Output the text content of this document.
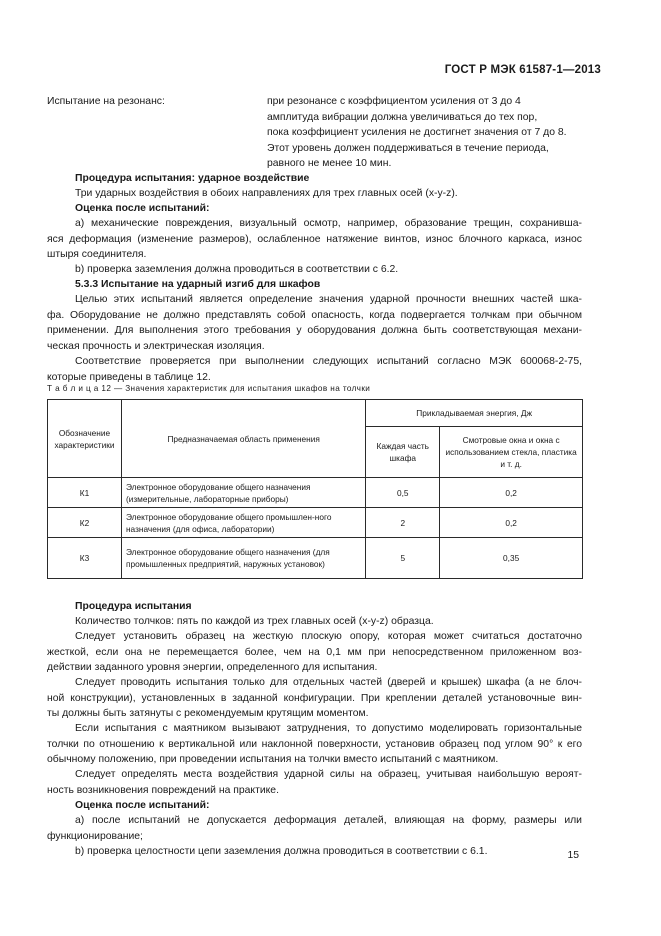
ГОСТ Р МЭК 61587-1—2013
Испытание на резонанс:	при резонансе с коэффициентом усиления от 3 до 4
амплитуда вибрации должна увеличиваться до тех пор,
пока коэффициент усиления не достигнет значения от 7 до 8.
Этот уровень должен поддерживаться в течение периода,
равного не менее 10 мин.
Процедура испытания: ударное воздействие
Три ударных воздействия в обоих направлениях для трех главных осей (x-y-z).
Оценка после испытаний:
а) механические повреждения, визуальный осмотр, например, образование трещин, сохранивша-
яся деформация (изменение размеров), ослабленное натяжение винтов, износ блочного каркаса, износ
штыря соединителя.
b) проверка заземления должна проводиться в соответствии с 6.2.
5.3.3 Испытание на ударный изгиб для шкафов
Целью этих испытаний является определение значения ударной прочности внешних частей шка-
фа. Оборудование не должно представлять собой опасность, когда подвергается толчкам при обычном
применении. Для выполнения этого требования у оборудования должна быть соответствующая механи-
ческая прочность и электрическая изоляция.
Соответствие проверяется при выполнении следующих испытаний согласно МЭК 600068-2-75,
которые приведены в таблице 12.
Т а б л и ц а 12 — Значения характеристик для испытания шкафов на толчки
Обозначение характеристики	Предназначаемая область применения	Прикладываемая энергия, Дж	
		Каждая часть шкафа	Смотровые окна и окна с использованием стекла, пластика и т. д.
К1	Электронное оборудование общего назначения (измерительные, лабораторные приборы)	0,5	0,2
К2	Электронное оборудование общего промышлен-ного назначения (для офиса, лаборатории)	2	0,2
К3	Электронное оборудование общего назначения (для промышленных предприятий, наружных установок)	5	0,35
Процедура испытания
Количество толчков: пять по каждой из трех главных осей (x-y-z) образца.
Следует установить образец на жесткую плоскую опору, которая может считаться достаточно
жесткой, если она не перемещается более, чем на 0,1 мм при непосредственном приложенном воз-
действии заданного уровня энергии, определенного для испытания.
Следует проводить испытания только для отдельных частей (дверей и крышек) шкафа (а не блоч-
ной конструкции), установленных в заданной конфигурации. При креплении деталей установочные вин-
ты должны быть затянуты с рекомендуемым крутящим моментом.
Если испытания с маятником вызывают затруднения, то допустимо моделировать горизонтальные
толчки по отношению к вертикальной или наклонной поверхности, установив образец под углом 90° к его
обычному положению, при проведении испытания на толчки вместо испытаний с маятником.
Следует определять места воздействия ударной силы на образец, учитывая наибольшую вероят-
ность возникновения повреждений на практике.
Оценка после испытаний:
а) после испытаний не допускается деформация деталей, влияющая на форму, размеры или
функционирование;
b) проверка целостности цепи заземления должна проводиться в соответствии с 6.1.	15
